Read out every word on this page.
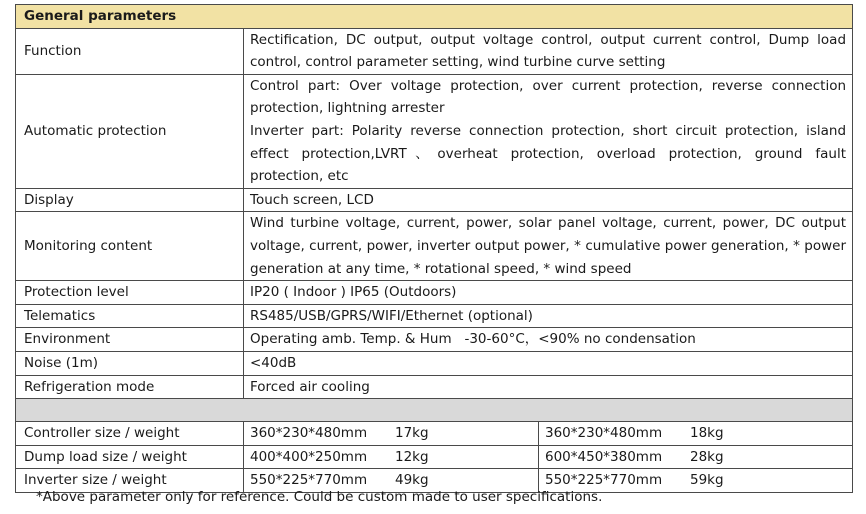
General parameters		
Function	Rectification, DC output, output voltage control, output current control, Dump load control, control parameter setting, wind turbine curve setting	
Automatic protection	Control part: Over voltage protection, over current protection, reverse connection protection, lightning arrester
Inverter part: Polarity reverse connection protection, short circuit protection, island effect protection,LVRT、overheat protection, overload protection, ground fault protection, etc	

Display	Touch screen, LCD	
Monitoring content	Wind turbine voltage, current, power, solar panel voltage, current, power, DC output voltage, current, power, inverter output power, * cumulative power generation, * power generation at any time, * rotational speed, * wind speed	
Protection level	IP20 ( Indoor ) IP65 (Outdoors)	
Telematics	RS485/USB/GPRS/WIFI/Ethernet (optional)	
Environment	Operating amb. Temp. & Hum   -30-60°C，<90% no condensation	
Noise (1m)	<40dB	
Refrigeration mode	Forced air cooling	

Controller size / weight	360*230*480mm 17kg	360*230*480mm 18kg
Dump load size / weight	400*400*250mm 12kg	600*450*380mm 28kg
Inverter size / weight	550*225*770mm 49kg	550*225*770mm 59kg
*Above parameter only for reference. Could be custom made to user specifications.
